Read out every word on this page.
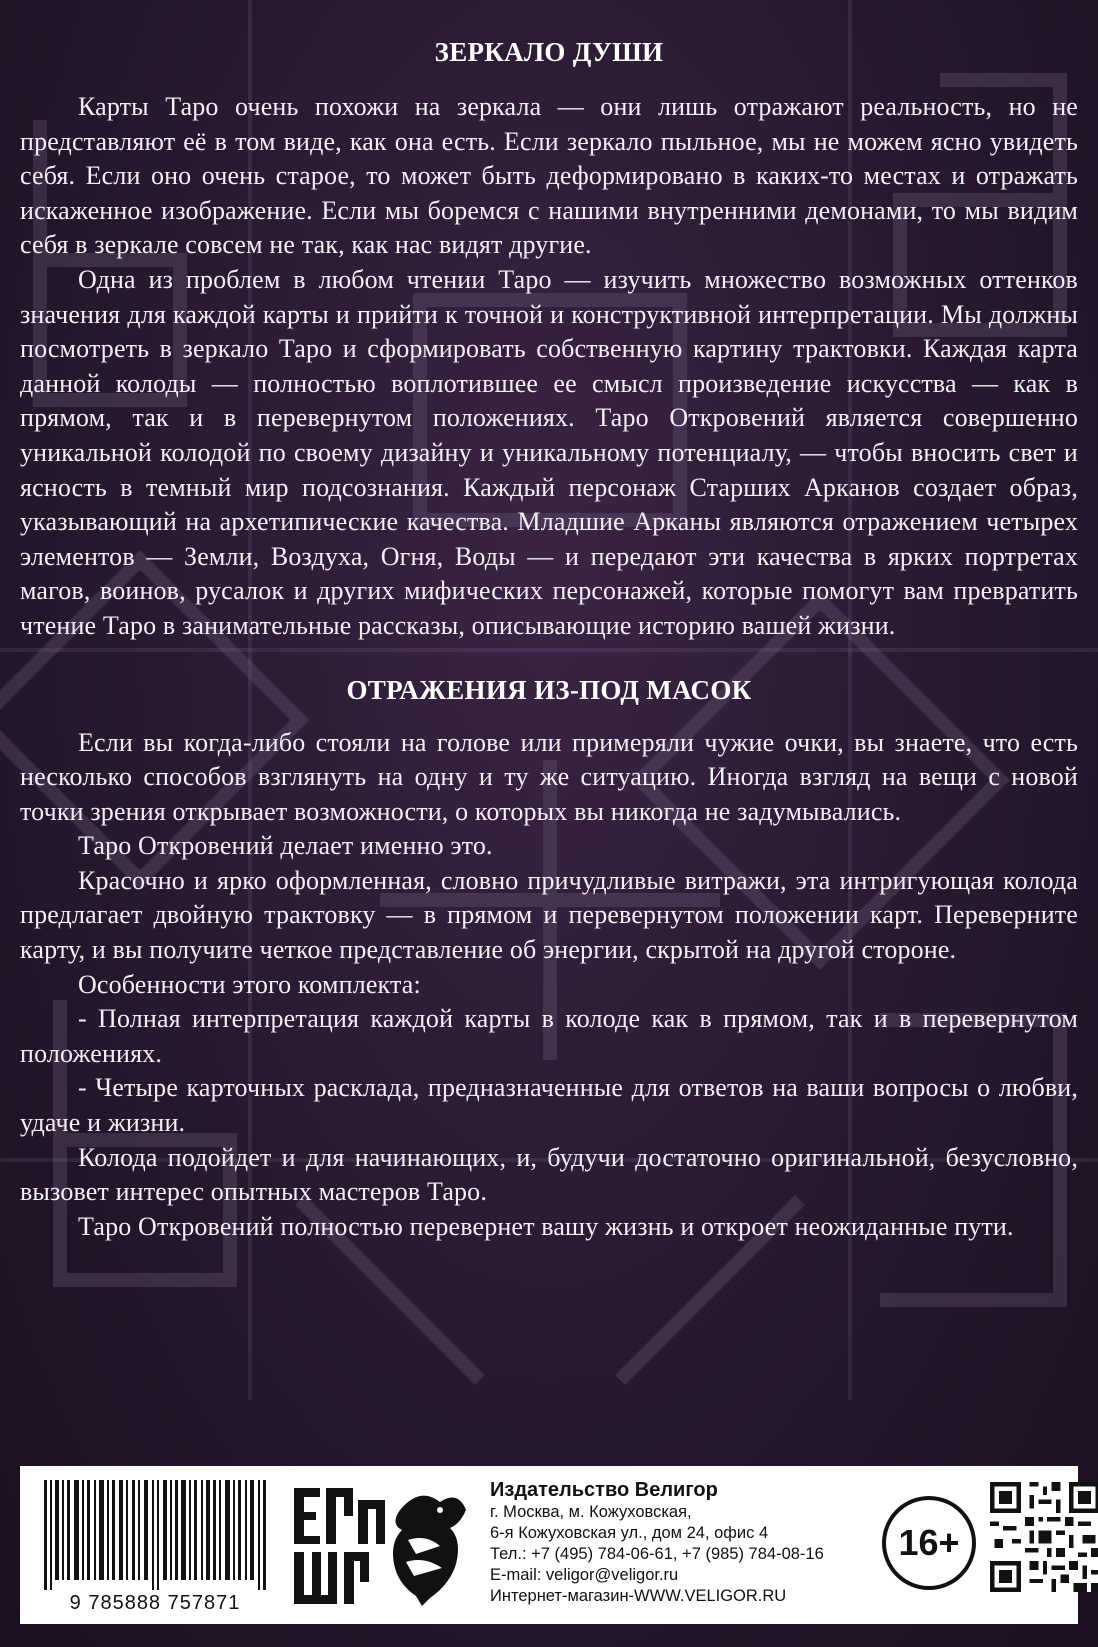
ЗЕРКАЛО ДУШИ

Карты Таро очень похожи на зеркала — они лишь отражают реальность, но не представляют её в том виде, как она есть. Если зеркало пыльное, мы не можем ясно увидеть себя. Если оно очень старое, то может быть деформировано в каких-то местах и отражать искаженное изображение. Если мы боремся с нашими внутренними демонами, то мы видим себя в зеркале совсем не так, как нас видят другие.

Одна из проблем в любом чтении Таро — изучить множество возможных оттенков значения для каждой карты и прийти к точной и конструктивной интерпретации. Мы должны посмотреть в зеркало Таро и сформировать собственную картину трактовки. Каждая карта данной колоды — полностью воплотившее ее смысл произведение искусства — как в прямом, так и в перевернутом положениях. Таро Откровений является совершенно уникальной колодой по своему дизайну и уникальному потенциалу, — чтобы вносить свет и ясность в темный мир подсознания. Каждый персонаж Старших Арканов создает образ, указывающий на архетипические качества. Младшие Арканы являются отражением четырех элементов — Земли, Воздуха, Огня, Воды — и передают эти качества в ярких портретах магов, воинов, русалок и других мифических персонажей, которые помогут вам превратить чтение Таро в занимательные рассказы, описывающие историю вашей жизни.

ОТРАЖЕНИЯ ИЗ-ПОД МАСОК

Если вы когда-либо стояли на голове или примеряли чужие очки, вы знаете, что есть несколько способов взглянуть на одну и ту же ситуацию. Иногда взгляд на вещи с новой точки зрения открывает возможности, о которых вы никогда не задумывались.

Таро Откровений делает именно это.

Красочно и ярко оформленная, словно причудливые витражи, эта интригующая колода предлагает двойную трактовку — в прямом и перевернутом положении карт. Переверните карту, и вы получите четкое представление об энергии, скрытой на другой стороне.

Особенности этого комплекта:

- Полная интерпретация каждой карты в колоде как в прямом, так и в перевернутом положениях.

- Четыре карточных расклада, предназначенные для ответов на ваши вопросы о любви, удаче и жизни.

Колода подойдет и для начинающих, и, будучи достаточно оригинальной, безусловно, вызовет интерес опытных мастеров Таро.

Таро Откровений полностью перевернет вашу жизнь и откроет неожиданные пути.

9 785888 757871
ВЕЛИГОР	Издательство Велигор
г. Москва, м. Кожуховская,
6-я Кожуховская ул., дом 24, офис 4
Тел.: +7 (495) 784-06-61, +7 (985) 784-08-16
E-mail: veligor@veligor.ru
Интернет-магазин-WWW.VELIGOR.RU
16+
